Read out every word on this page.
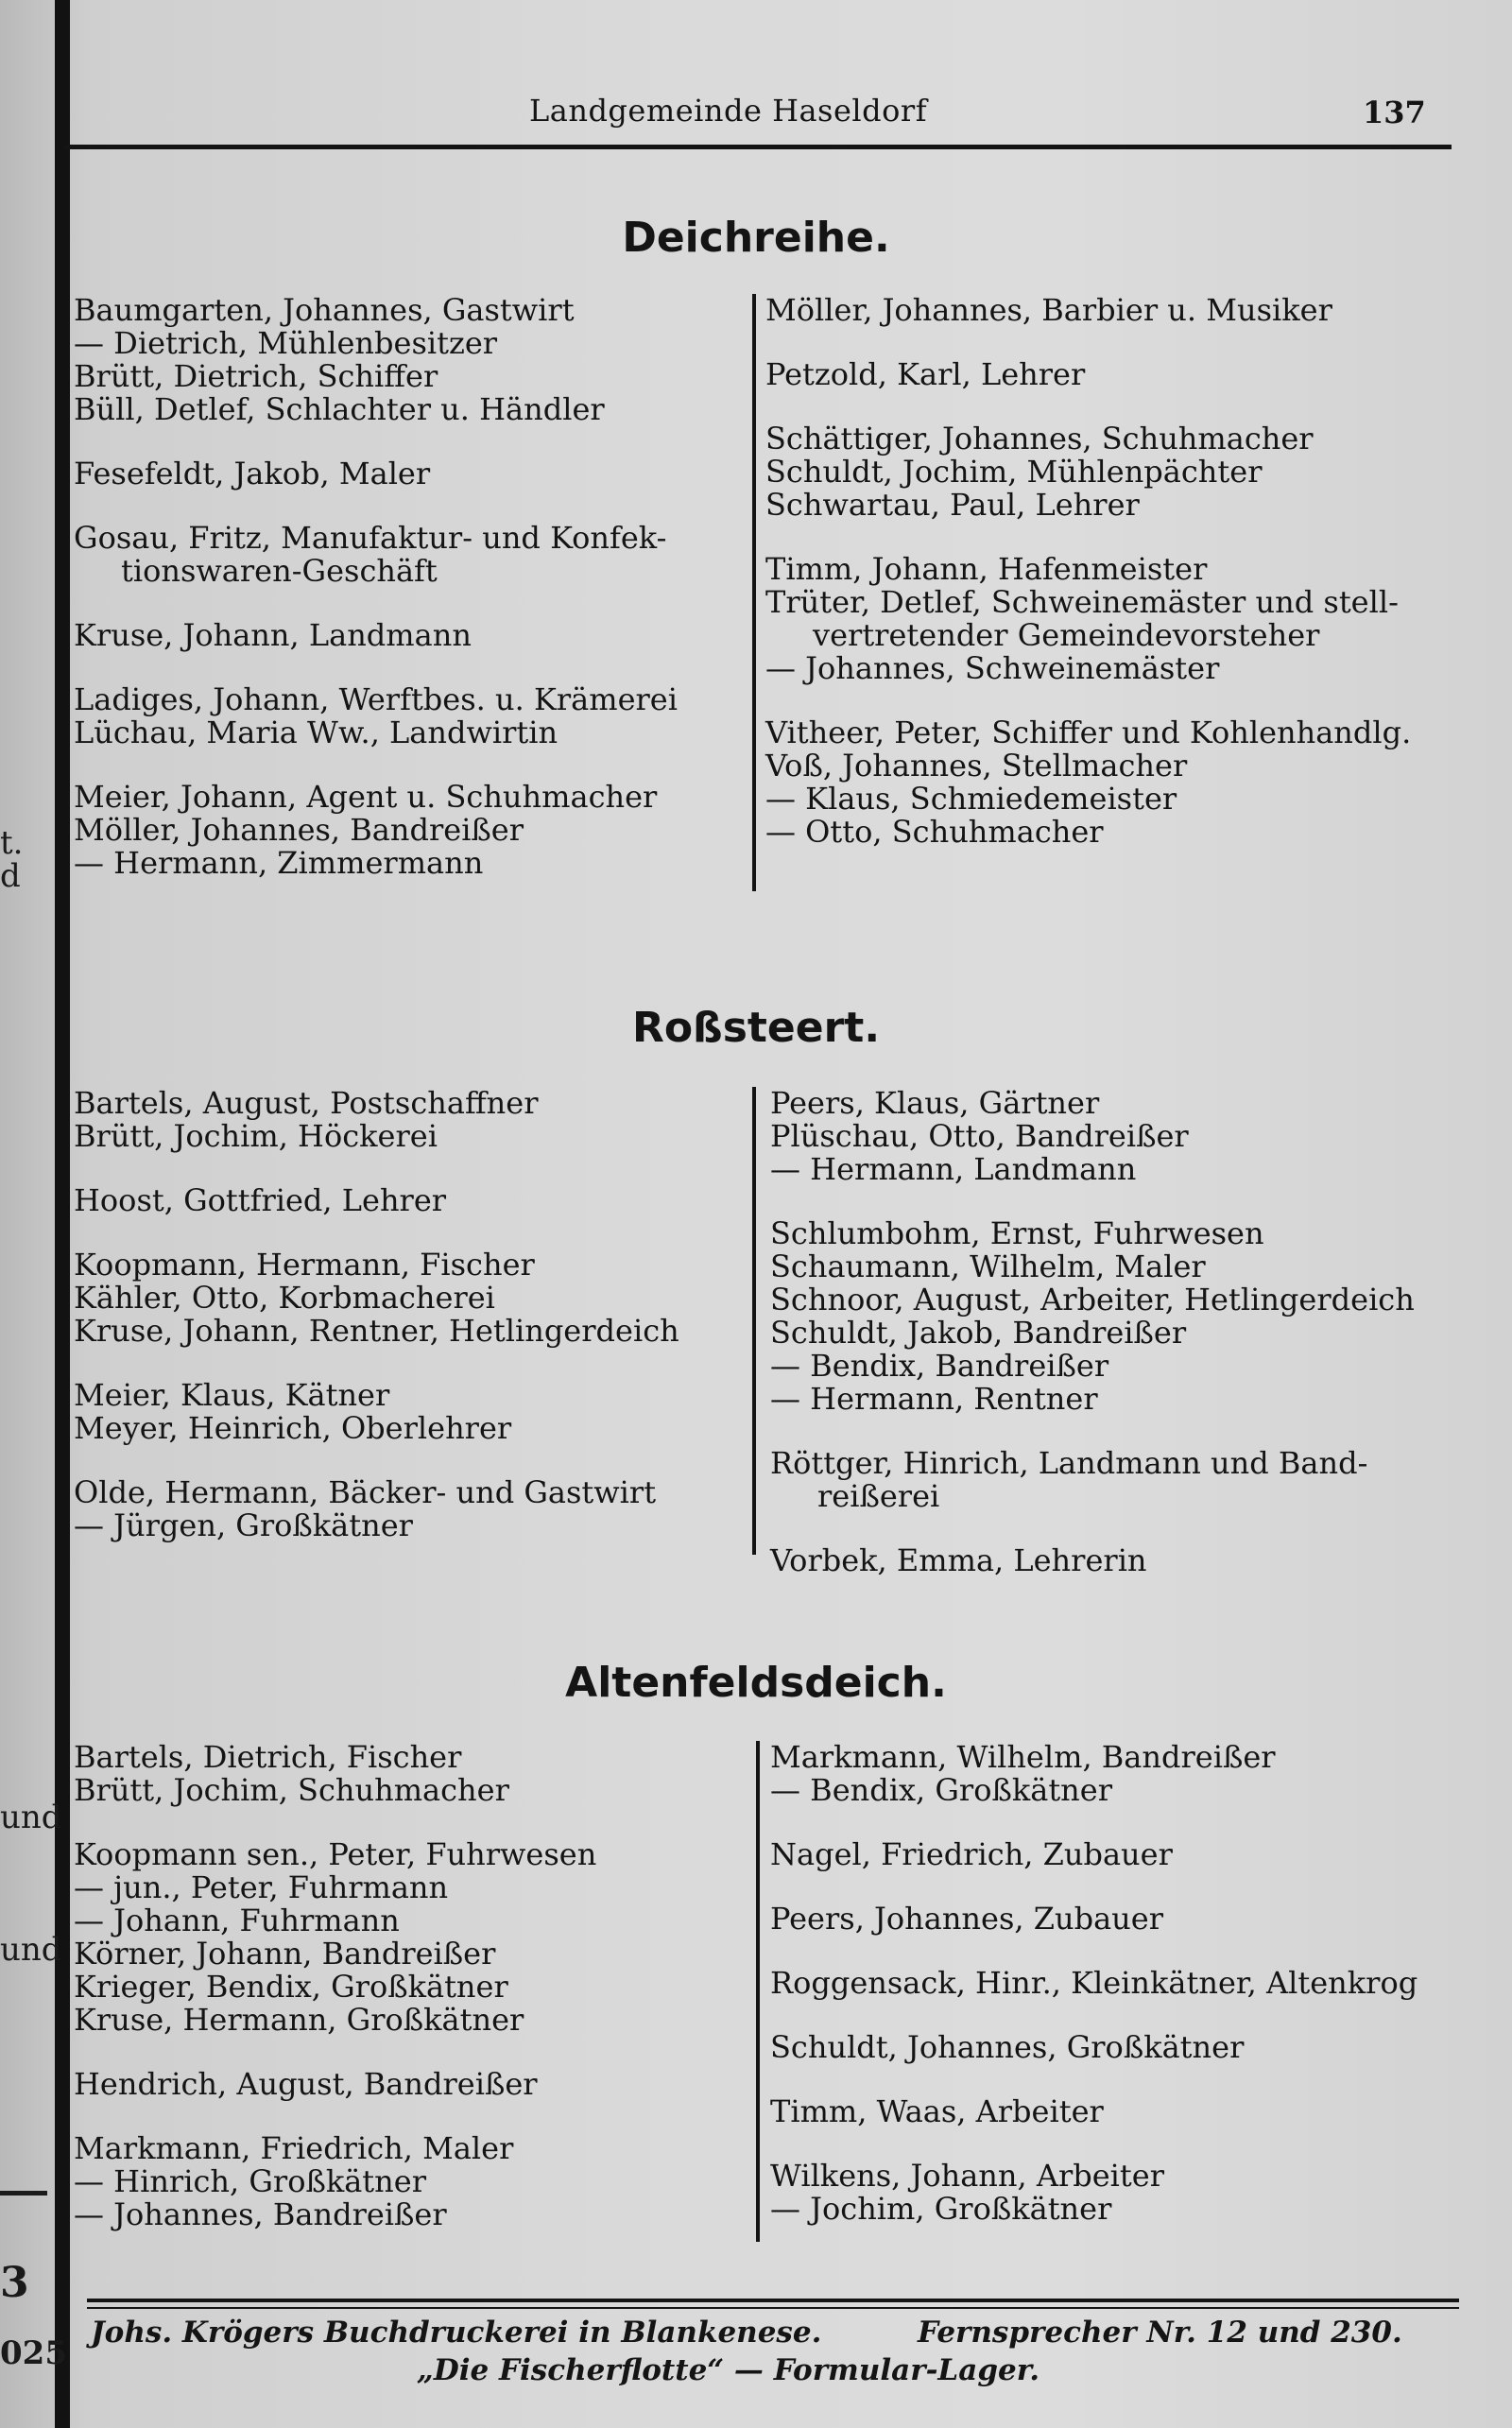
t.
d
und
und
3
025
Landgemeinde Haseldorf	137
Deichreihe.

Baumgarten, Johannes, Gastwirt

— Dietrich, Mühlenbesitzer

Brütt, Dietrich, Schiffer

Büll, Detlef, Schlachter u. Händler

Fesefeldt, Jakob, Maler

Gosau, Fritz, Manufaktur- und Konfek-

tionswaren-Geschäft

Kruse, Johann, Landmann

Ladiges, Johann, Werftbes. u. Krämerei

Lüchau, Maria Ww., Landwirtin

Meier, Johann, Agent u. Schuhmacher

Möller, Johannes, Bandreißer

— Hermann, Zimmermann

Möller, Johannes, Barbier u. Musiker

Petzold, Karl, Lehrer

Schättiger, Johannes, Schuhmacher

Schuldt, Jochim, Mühlenpächter

Schwartau, Paul, Lehrer

Timm, Johann, Hafenmeister

Trüter, Detlef, Schweinemäster und stell-

vertretender Gemeindevorsteher

— Johannes, Schweinemäster

Vitheer, Peter, Schiffer und Kohlenhandlg.

Voß, Johannes, Stellmacher

— Klaus, Schmiedemeister

— Otto, Schuhmacher

Roßsteert.

Bartels, August, Postschaffner

Brütt, Jochim, Höckerei

Hoost, Gottfried, Lehrer

Koopmann, Hermann, Fischer

Kähler, Otto, Korbmacherei

Kruse, Johann, Rentner, Hetlingerdeich

Meier, Klaus, Kätner

Meyer, Heinrich, Oberlehrer

Olde, Hermann, Bäcker- und Gastwirt

— Jürgen, Großkätner

Peers, Klaus, Gärtner

Plüschau, Otto, Bandreißer

— Hermann, Landmann

Schlumbohm, Ernst, Fuhrwesen

Schaumann, Wilhelm, Maler

Schnoor, August, Arbeiter, Hetlingerdeich

Schuldt, Jakob, Bandreißer

— Bendix, Bandreißer

— Hermann, Rentner

Röttger, Hinrich, Landmann und Band-

reißerei

Vorbek, Emma, Lehrerin

Altenfeldsdeich.

Bartels, Dietrich, Fischer

Brütt, Jochim, Schuhmacher

Koopmann sen., Peter, Fuhrwesen

— jun., Peter, Fuhrmann

— Johann, Fuhrmann

Körner, Johann, Bandreißer

Krieger, Bendix, Großkätner

Kruse, Hermann, Großkätner

Hendrich, August, Bandreißer

Markmann, Friedrich, Maler

— Hinrich, Großkätner

— Johannes, Bandreißer

Markmann, Wilhelm, Bandreißer

— Bendix, Großkätner

Nagel, Friedrich, Zubauer

Peers, Johannes, Zubauer

Roggensack, Hinr., Kleinkätner, Altenkrog

Schuldt, Johannes, Großkätner

Timm, Waas, Arbeiter

Wilkens, Johann, Arbeiter

— Jochim, Großkätner

Johs. Krögers Buchdruckerei in Blankenese.	Fernsprecher Nr. 12 und 230.
„Die Fischerflotte“ — Formular-Lager.
